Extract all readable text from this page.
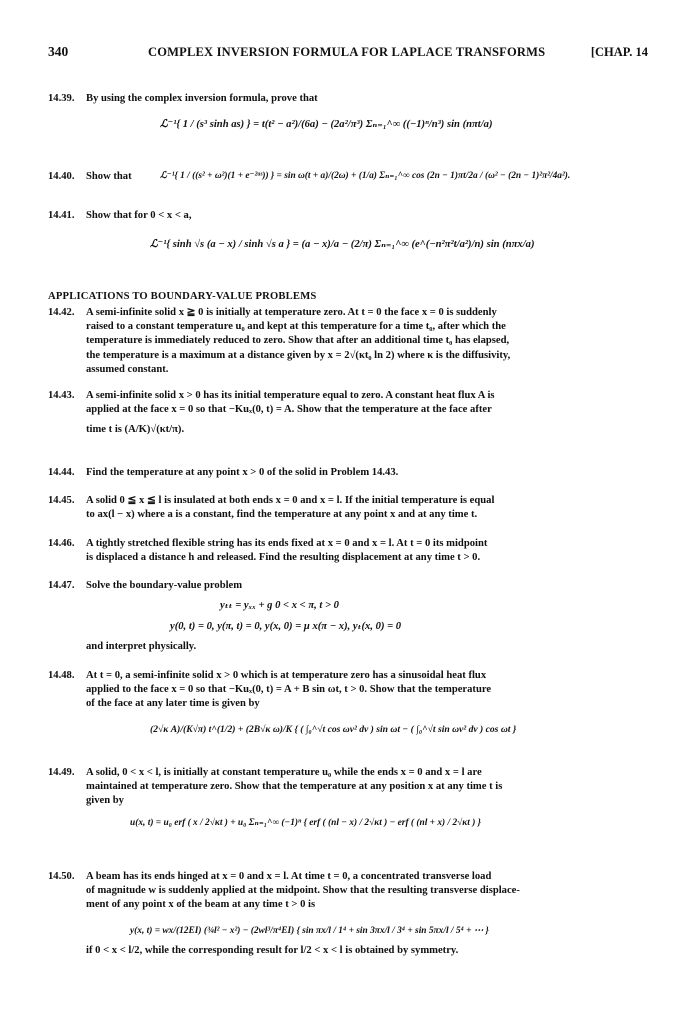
340	COMPLEX INVERSION FORMULA FOR LAPLACE TRANSFORMS	[CHAP. 14
14.39. By using the complex inversion formula, prove that
ℒ⁻¹{ 1 / (s³ sinh as) } = t(t² − a²)/(6a) − (2a²/π³) Σₙ₌₁^∞ ((−1)ⁿ/n³) sin (nπt/a)
14.40. Show that	ℒ⁻¹{ 1 / ((s² + ω²)(1 + e⁻²ᵃˢ)) } = sin ω(t + a)/(2ω) + (1/a) Σₙ₌₁^∞ cos (2n − 1)πt/2a / (ω² − (2n − 1)²π²/4a²).
14.41. Show that for 0 < x < a,
ℒ⁻¹{ sinh √s (a − x) / sinh √s a } = (a − x)/a − (2/π) Σₙ₌₁^∞ (e^(−n²π²t/a²)/n) sin (nπx/a)
APPLICATIONS TO BOUNDARY-VALUE PROBLEMS
14.42. A semi-infinite solid x ≧ 0 is initially at temperature zero. At t = 0 the face x = 0 is suddenly
raised to a constant temperature u₀ and kept at this temperature for a time t₀, after which the
temperature is immediately reduced to zero. Show that after an additional time t₀ has elapsed,
the temperature is a maximum at a distance given by x = 2√(κt₀ ln 2) where κ is the diffusivity,
assumed constant.
14.43. A semi-infinite solid x > 0 has its initial temperature equal to zero. A constant heat flux A is
applied at the face x = 0 so that −Kuₓ(0, t) = A. Show that the temperature at the face after
time t is (A/K)√(κt/π).
14.44. Find the temperature at any point x > 0 of the solid in Problem 14.43.
14.45. A solid 0 ≦ x ≦ l is insulated at both ends x = 0 and x = l. If the initial temperature is equal
to ax(l − x) where a is a constant, find the temperature at any point x and at any time t.
14.46. A tightly stretched flexible string has its ends fixed at x = 0 and x = l. At t = 0 its midpoint
is displaced a distance h and released. Find the resulting displacement at any time t > 0.
14.47. Solve the boundary-value problem
yₜₜ = yₓₓ + g 0 < x < π, t > 0
y(0, t) = 0, y(π, t) = 0, y(x, 0) = μ x(π − x), yₜ(x, 0) = 0
and interpret physically.
14.48. At t = 0, a semi-infinite solid x > 0 which is at temperature zero has a sinusoidal heat flux
applied to the face x = 0 so that −Kuₓ(0, t) = A + B sin ωt, t > 0. Show that the temperature
of the face at any later time is given by
(2√κ A)/(K√π) t^(1/2) + (2B√κ ω)/K { ( ∫₀^√t cos ωv² dv ) sin ωt − ( ∫₀^√t sin ωv² dv ) cos ωt }
14.49. A solid, 0 < x < l, is initially at constant temperature u₀ while the ends x = 0 and x = l are
maintained at temperature zero. Show that the temperature at any position x at any time t is
given by
u(x, t) = u₀ erf ( x / 2√κt ) + u₀ Σₙ₌₁^∞ (−1)ⁿ { erf ( (nl − x) / 2√κt ) − erf ( (nl + x) / 2√κt ) }
14.50. A beam has its ends hinged at x = 0 and x = l. At time t = 0, a concentrated transverse load
of magnitude w is suddenly applied at the midpoint. Show that the resulting transverse displace-
ment of any point x of the beam at any time t > 0 is
y(x, t) = wx/(12EI) (¾l² − x²) − (2wl³/π⁴EI) { sin πx/l / 1⁴ + sin 3πx/l / 3⁴ + sin 5πx/l / 5⁴ + ⋯ }
if 0 < x < l/2, while the corresponding result for l/2 < x < l is obtained by symmetry.
